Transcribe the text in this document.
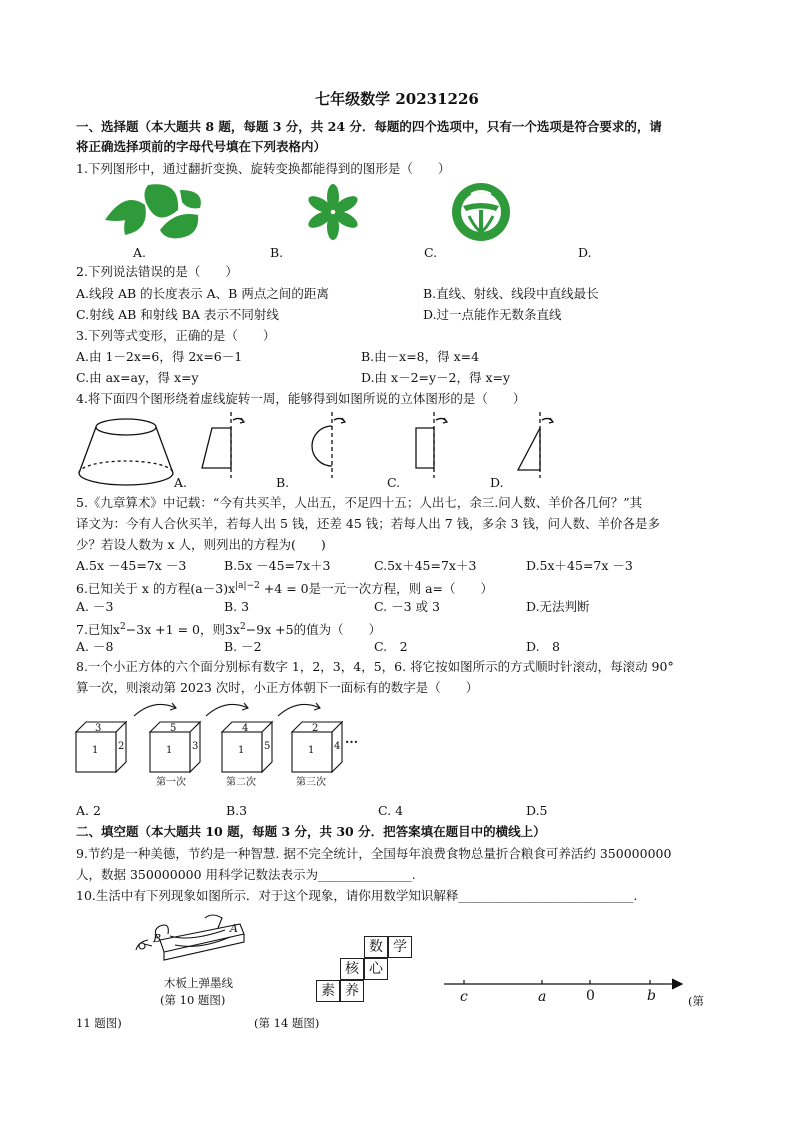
七年级数学 20231226
一、选择题（本大题共 8 题，每题 3 分，共 24 分．每题的四个选项中，只有一个选项是符合要求的，请
将正确选择项前的字母代号填在下列表格内）
1.下列图形中，通过翻折变换、旋转变换都能得到的图形是（　　）
A.	B.	C.	D.
2.下列说法错误的是（　　）
A.线段 AB 的长度表示 A、B 两点之间的距离	B.直线、射线、线段中直线最长
C.射线 AB 和射线 BA 表示不同射线	D.过一点能作无数条直线
3.下列等式变形，正确的是（　　）
A.由 1－2x=6，得 2x=6－1	B.由－x=8，得 x=4
C.由 ax=ay，得 x=y	D.由 x－2=y－2，得 x=y
4.将下面四个图形绕着虚线旋转一周，能够得到如图所说的立体图形的是（　　）
A.	B.	C.	D.
5.《九章算术》中记载：“今有共买羊，人出五，不足四十五；人出七，余三.问人数、羊价各几何？”其
译文为：今有人合伙买羊，若每人出 5 钱，还差 45 钱；若每人出 7 钱，多余 3 钱，问人数、羊价各是多
少？若设人数为 x 人，则列出的方程为(　　)
A.5x －45=7x －3	B.5x －45=7x＋3	C.5x＋45=7x＋3	D.5x＋45=7x －3
6.已知关于 x 的方程$(a-3)x^{|a|-2} +4 = 0$是一元一次方程，则 a=（　　）
A. －3	B. 3	C. －3 或 3	D.无法判断
7.已知$x^2-3x +1 = 0$，则$3x^2-9x +5$的值为（　　）
A. －8	B. －2	C.　2	D.　8
8.一个小正方体的六个面分别标有数字 1，2，3，4，5，6. 将它按如图所示的方式顺时针滚动，每滚动 90°
算一次，则滚动第 2023 次时，小正方体朝下一面标有的数字是（　　）
3
1 2
5
1 3
第一次
4
1 5
第二次
2
1 4
第三次
···
A. 2	B.3	C. 4	D.5
二、填空题（本大题共 10 题，每题 3 分，共 30 分．把答案填在题目中的横线上）
9.节约是一种美德，节约是一种智慧. 据不完全统计，全国每年浪费食物总量折合粮食可养活约 350000000
人，数据 350000000 用科学记数法表示为_______________.
10.生活中有下列现象如图所示．对于这个现象，请你用数学知识解释____________________________.
B
A
木板上弹墨线
(第 10 题图)
数 学
核 心
素 养	c	a	0	b	(第
11 题图)	(第 14 题图)
